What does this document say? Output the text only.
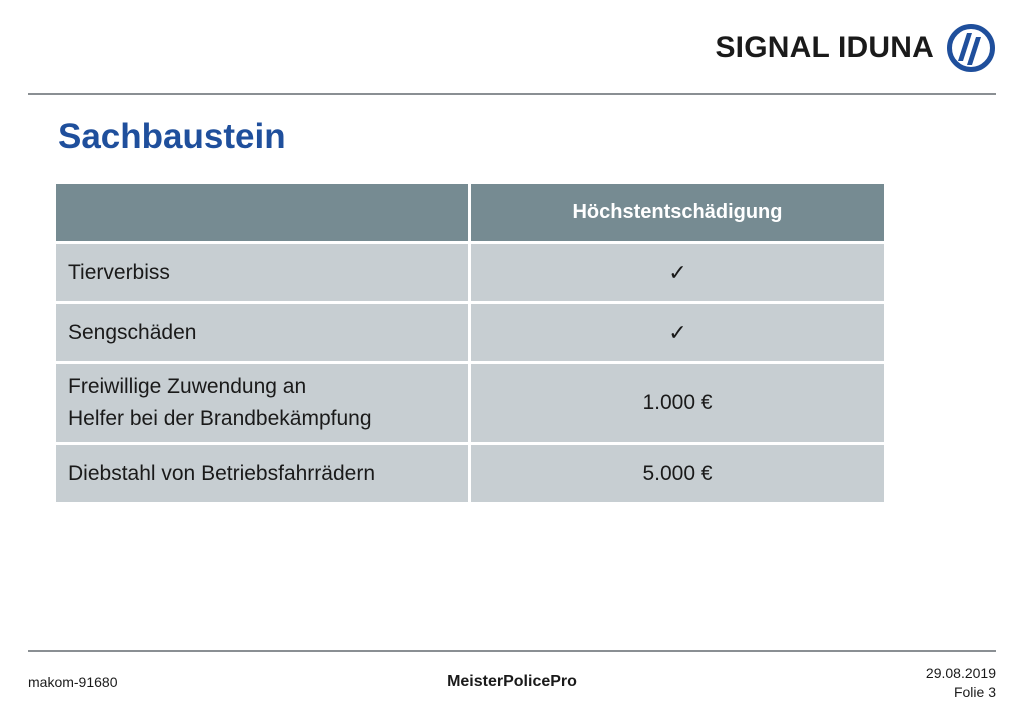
SIGNAL IDUNA
Sachbaustein
	Höchstentschädigung
Tierverbiss	✓
Sengschäden	✓

Freiwillige Zuwendung an
Helfer bei der Brandbekämpfung	1.000 €
Diebstahl von Betriebsfahrrädern	5.000 €
makom-91680	MeisterPolicePro	29.08.2019
Folie 3
